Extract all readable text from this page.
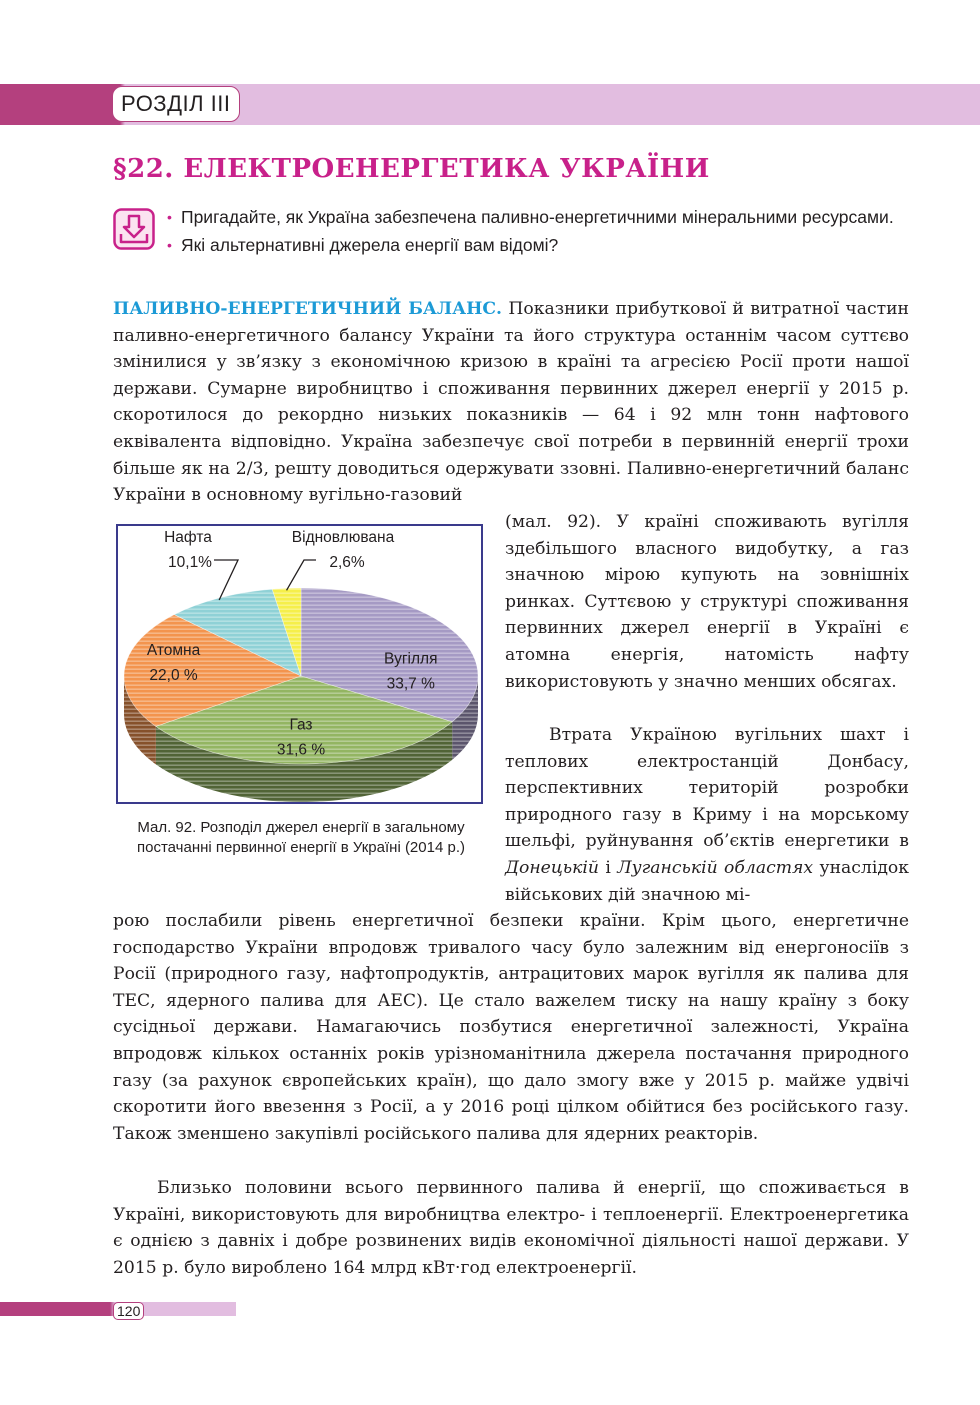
РОЗДІЛ III
§22. ЕЛЕКТРОЕНЕРГЕТИКА УКРАЇНИ
• Пригадайте, як Україна забезпечена паливно-енергетичними мінеральними ресурсами.
• Які альтернативні джерела енергії вам відомі?

ПАЛИВНО-ЕНЕРГЕТИЧНИЙ БАЛАНС. Показники прибуткової й витратної частин паливно-енергетичного балансу України та його структура останнім часом суттєво змінилися у зв’язку з економічною кризою в країні та агресією Росії проти нашої держави. Сумарне виробництво і споживання первинних джерел енергії у 2015 р. скоротилося до рекордно низьких показників — 64 і 92 млн тонн нафтового еквівалента відповідно. Україна забезпечує свої потреби в первинній енергії трохи більше як на 2/3, решту доводиться одержувати ззовні. Паливно-енергетичний баланс України в основному вугільно-газовий

Вугілля
33,7 %
Газ
31,6 %
Атомна
22,0 %
Нафта
10,1%
Відновлювана
2,6%
Мал. 92. Розподіл джерел енергії в загальному постачанні первинної енергії в Україні (2014 р.)

(мал. 92). У країні споживають вугілля здебільшого власного видобутку, а газ значною мірою купують на зовнішніх ринках. Суттєвою у структурі споживання первинних джерел енергії в Україні є атомна енергія, натомість нафту використовують у значно менших обсягах.

Втрата Україною вугільних шахт і теплових електростанцій Донбасу, перспективних територій розробки природного газу в Криму і на морському шельфі, руйнування об’єктів енергетики в Донецькій і Луганській областях унаслідок військових дій значною мі-

рою послабили рівень енергетичної безпеки країни. Крім цього, енергетичне господарство України впродовж тривалого часу було залежним від енергоносіїв з Росії (природного газу, нафтопродуктів, антрацитових марок вугілля як палива для ТЕС, ядерного палива для АЕС). Це стало важелем тиску на нашу країну з боку сусідньої держави. Намагаючись позбутися енергетичної залежності, Україна впродовж кількох останніх років урізноманітнила джерела постачання природного газу (за рахунок європейських країн), що дало змогу вже у 2015 р. майже удвічі скоротити його ввезення з Росії, а у 2016 році цілком обійтися без російського газу. Також зменшено закупівлі російського палива для ядерних реакторів.

Близько половини всього первинного палива й енергії, що споживається в Україні, використовують для виробництва електро- і теплоенергії. Електроенергетика є однією з давніх і добре розвинених видів економічної діяльності нашої держави. У 2015 р. було вироблено 164 млрд кВт·год електроенергії.

120
